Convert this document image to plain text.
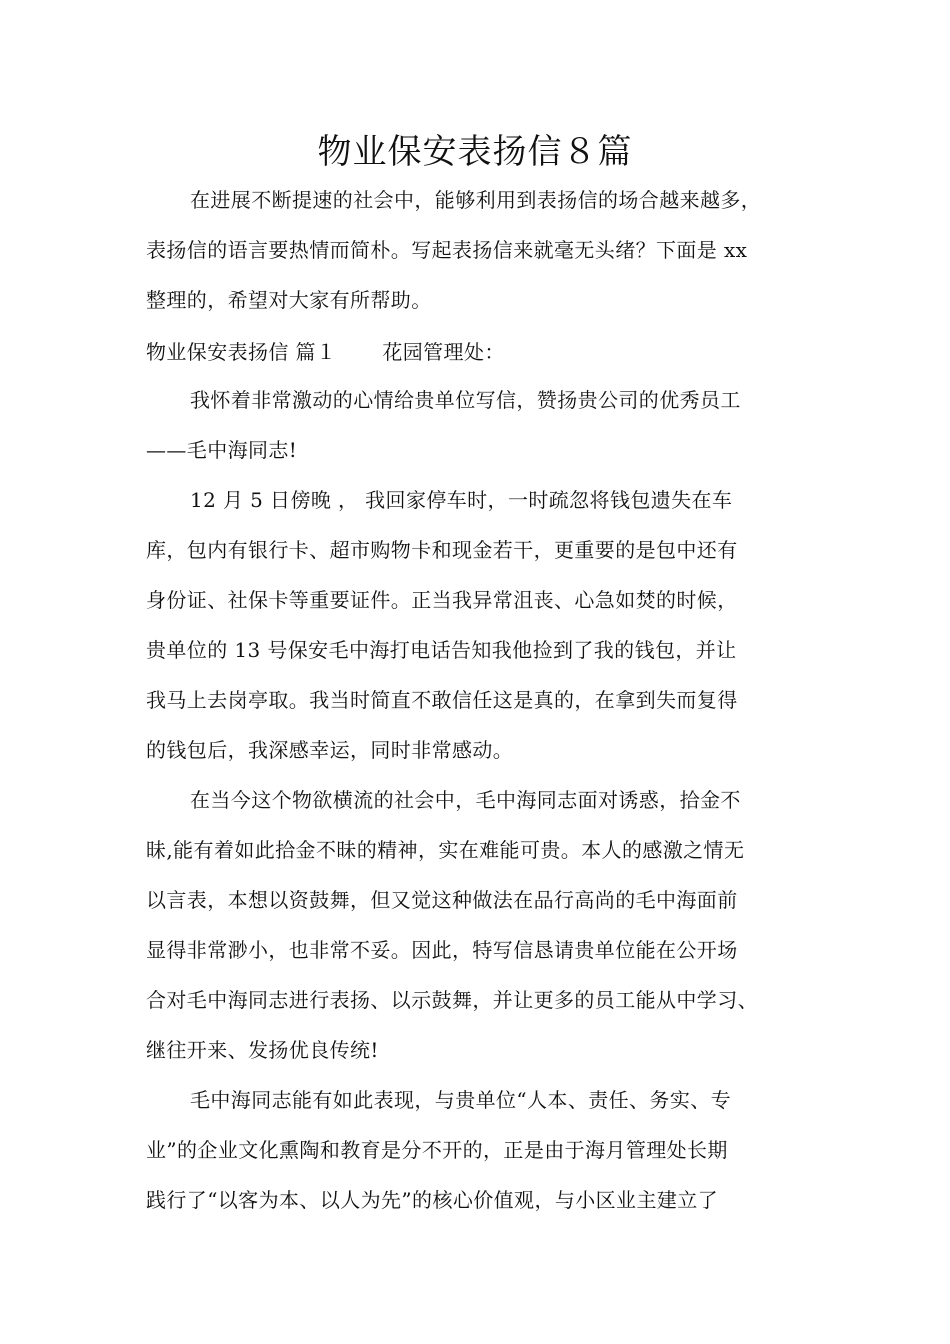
物业保安表扬信８篇
在进展不断提速的社会中，能够利用到表扬信的场合越来越多，
表扬信的语言要热情而简朴。写起表扬信来就毫无头绪？下面是 xx
整理的，希望对大家有所帮助。
物业保安表扬信 篇１ 花园管理处：
我怀着非常激动的心情给贵单位写信，赞扬贵公司的优秀员工
——毛中海同志!
12 月 5 日傍晚 ， 我回家停车时，一时疏忽将钱包遗失在车
库，包内有银行卡、超市购物卡和现金若干，更重要的是包中还有
身份证、社保卡等重要证件。正当我异常沮丧、心急如焚的时候，
贵单位的 13 号保安毛中海打电话告知我他捡到了我的钱包，并让
我马上去岗亭取。我当时简直不敢信任这是真的，在拿到失而复得
的钱包后，我深感幸运，同时非常感动。
在当今这个物欲横流的社会中，毛中海同志面对诱惑，拾金不
昧,能有着如此拾金不昧的精神，实在难能可贵。本人的感激之情无
以言表，本想以资鼓舞，但又觉这种做法在品行高尚的毛中海面前
显得非常渺小，也非常不妥。因此，特写信恳请贵单位能在公开场
合对毛中海同志进行表扬、以示鼓舞，并让更多的员工能从中学习、
继往开来、发扬优良传统!
毛中海同志能有如此表现，与贵单位“人本、责任、务实、专
业”的企业文化熏陶和教育是分不开的，正是由于海月管理处长期
践行了“以客为本、以人为先”的核心价值观，与小区业主建立了
